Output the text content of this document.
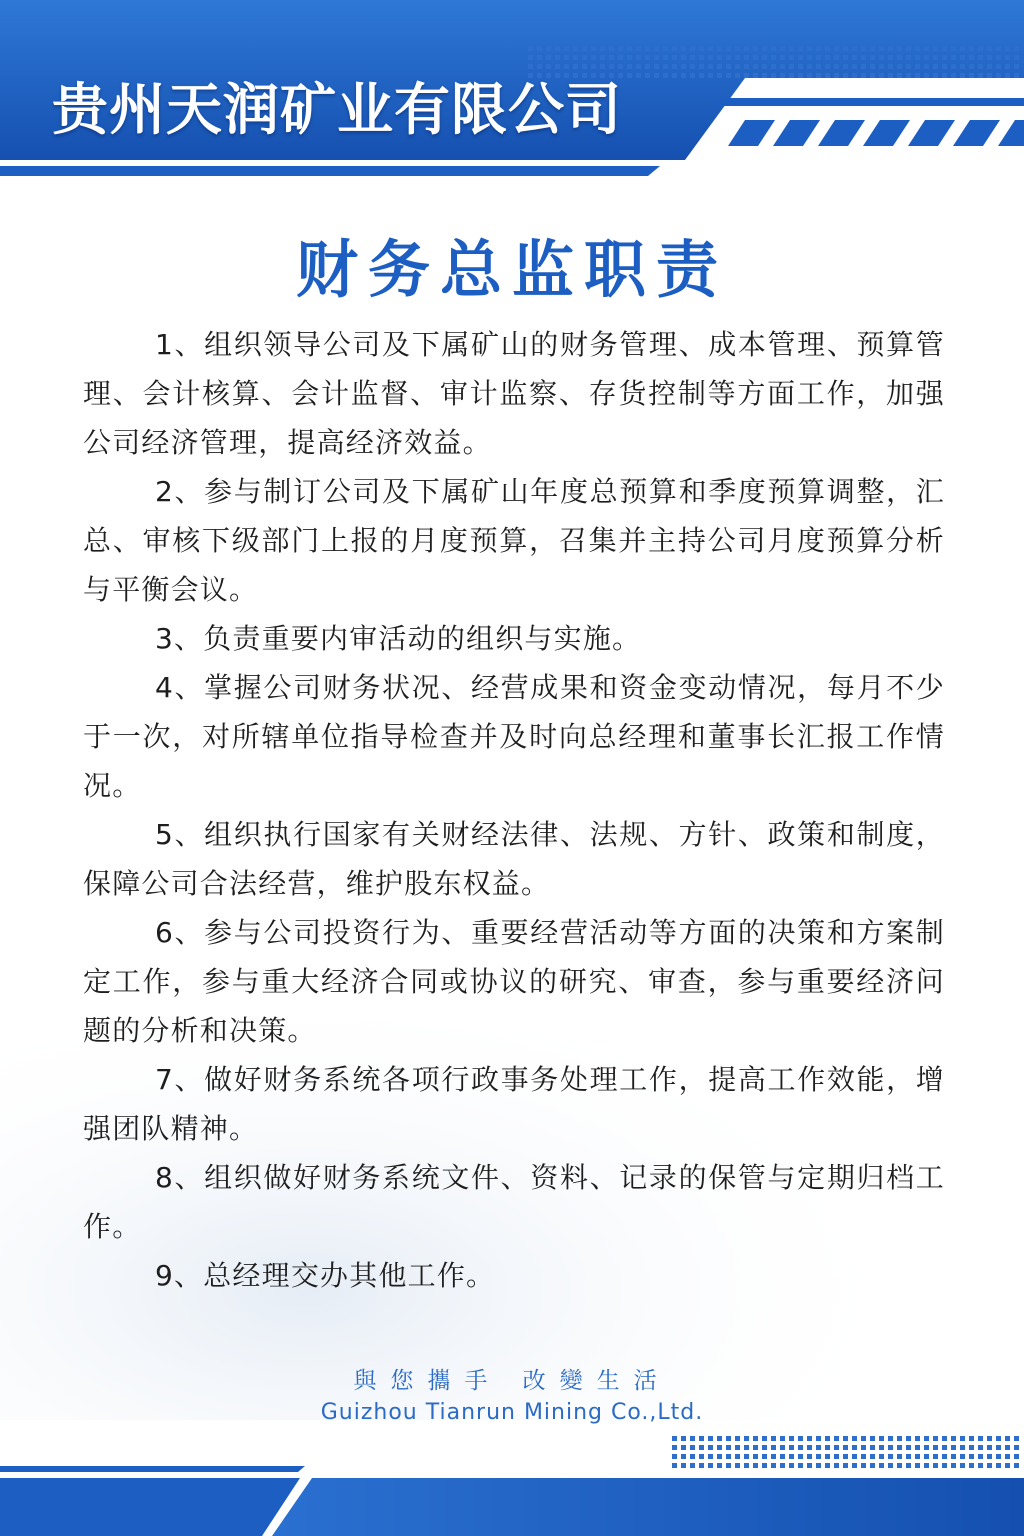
贵州天润矿业有限公司
财务总监职责

1、组织领导公司及下属矿山的财务管理、成本管理、预算管理、会计核算、会计监督、审计监察、存货控制等方面工作，加强公司经济管理，提高经济效益。

2、参与制订公司及下属矿山年度总预算和季度预算调整，汇总、审核下级部门上报的月度预算，召集并主持公司月度预算分析与平衡会议。

3、负责重要内审活动的组织与实施。

4、掌握公司财务状况、经营成果和资金变动情况，每月不少于一次，对所辖单位指导检查并及时向总经理和董事长汇报工作情况。

5、组织执行国家有关财经法律、法规、方针、政策和制度，保障公司合法经营，维护股东权益。

6、参与公司投资行为、重要经营活动等方面的决策和方案制定工作，参与重大经济合同或协议的研究、审查，参与重要经济问题的分析和决策。

7、做好财务系统各项行政事务处理工作，提高工作效能，增强团队精神。

8、组织做好财务系统文件、资料、记录的保管与定期归档工作。

9、总经理交办其他工作。

與您攜手 改變生活
Guizhou Tianrun Mining Co.,Ltd.
